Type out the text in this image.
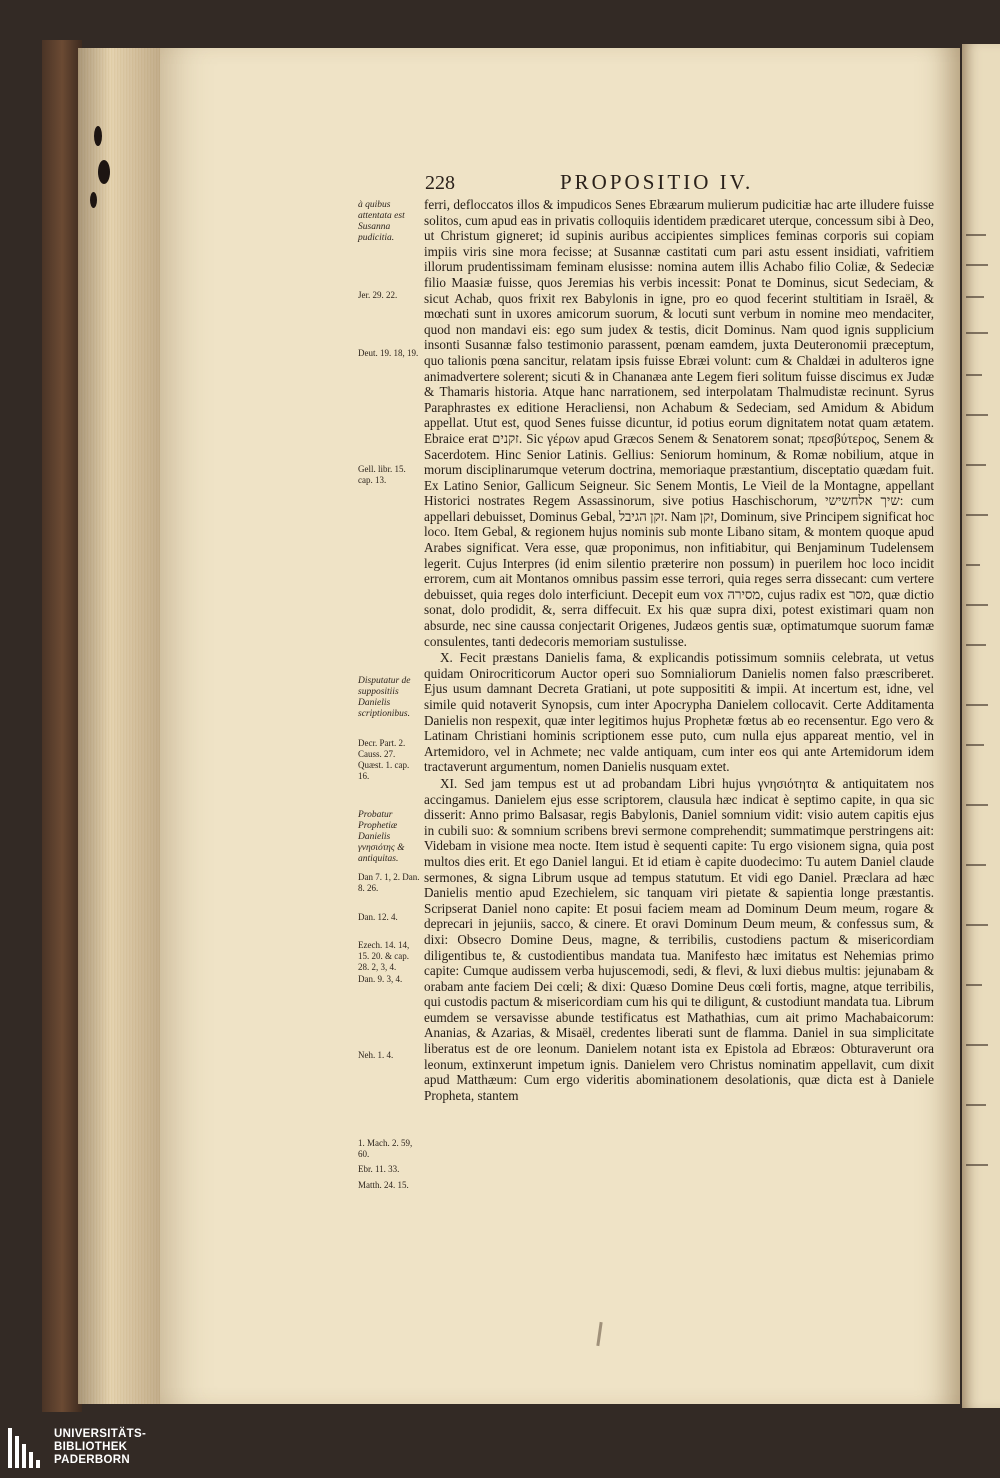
228	PROPOSITIO IV.
à quibus attentata est Susanna pudicitia.
Jer. 29. 22.
Deut. 19. 18, 19.
Gell. libr. 15. cap. 13.
Disputatur de suppositiis Danielis scriptionibus.
Decr. Part. 2. Causs. 27. Quæst. 1. cap. 16.
Probatur Prophetiæ Danielis γνησιότης & antiquitas.
Dan 7. 1, 2. Dan. 8. 26.
Dan. 12. 4.
Ezech. 14. 14, 15. 20. & cap. 28. 2, 3, 4.
Dan. 9. 3, 4.
Neh. 1. 4.
1. Mach. 2. 59, 60.
Ebr. 11. 33.
Matth. 24. 15.

ferri, defloccatos illos & impudicos Senes Ebræarum mulierum pudicitiæ hac arte illudere fuisse solitos, cum apud eas in privatis colloquiis identidem prædicaret uterque, concessum sibi à Deo, ut Christum gigneret; id supinis auribus accipientes simplices feminas corporis sui copiam impiis viris sine mora fecisse; at Susannæ castitati cum pari astu essent insidiati, vafritiem illorum prudentissimam feminam elusisse: nomina autem illis Achabo filio Coliæ, & Sedeciæ filio Maasiæ fuisse, quos Jeremias his verbis incessit: Ponat te Dominus, sicut Sedeciam, & sicut Achab, quos frixit rex Babylonis in igne, pro eo quod fecerint stultitiam in Israël, & mœchati sunt in uxores amicorum suorum, & locuti sunt verbum in nomine meo mendaciter, quod non mandavi eis: ego sum judex & testis, dicit Dominus. Nam quod ignis supplicium insonti Susannæ falso testimonio parassent, pœnam eamdem, juxta Deuteronomii præceptum, quo talionis pœna sancitur, relatam ipsis fuisse Ebræi volunt: cum & Chaldæi in adulteros igne animadvertere solerent; sicuti & in Chananæa ante Legem fieri solitum fuisse discimus ex Judæ & Thamaris historia. Atque hanc narrationem, sed interpolatam Thalmudistæ recinunt. Syrus Paraphrastes ex editione Heracliensi, non Achabum & Sedeciam, sed Amidum & Abidum appellat. Utut est, quod Senes fuisse dicuntur, id potius eorum dignitatem notat quam ætatem. Ebraice erat זקנים. Sic γέρων apud Græcos Senem & Senatorem sonat; πρεσβύτερος, Senem & Sacerdotem. Hinc Senior Latinis. Gellius: Seniorum hominum, & Romæ nobilium, atque in morum disciplinarumque veterum doctrina, memoriaque præstantium, disceptatio quædam fuit. Ex Latino Senior, Gallicum Seigneur. Sic Senem Montis, Le Vieil de la Montagne, appellant Historici nostrates Regem Assassinorum, sive potius Haschischorum, שיך אלחשישי: cum appellari debuisset, Dominus Gebal, זקן הגיבל. Nam זקן, Dominum, sive Principem significat hoc loco. Item Gebal, & regionem hujus nominis sub monte Libano sitam, & montem quoque apud Arabes significat. Vera esse, quæ proponimus, non infitiabitur, qui Benjaminum Tudelensem legerit. Cujus Interpres (id enim silentio præterire non possum) in puerilem hoc loco incidit errorem, cum ait Montanos omnibus passim esse terrori, quia reges serra dissecant: cum vertere debuisset, quia reges dolo interficiunt. Decepit eum vox מסירה, cujus radix est מסר, quæ dictio sonat, dolo prodidit, &, serra diffecuit. Ex his quæ supra dixi, potest existimari quam non absurde, nec sine caussa conjectarit Origenes, Judæos gentis suæ, optimatumque suorum famæ consulentes, tanti dedecoris memoriam sustulisse.

X. Fecit præstans Danielis fama, & explicandis potissimum somniis celebrata, ut vetus quidam Onirocriticorum Auctor operi suo Somnialiorum Danielis nomen falso præscriberet. Ejus usum damnant Decreta Gratiani, ut pote supposititi & impii. At incertum est, idne, vel simile quid notaverit Synopsis, cum inter Apocrypha Danielem collocavit. Certe Additamenta Danielis non respexit, quæ inter legitimos hujus Prophetæ fœtus ab eo recensentur. Ego vero & Latinam Christiani hominis scriptionem esse puto, cum nulla ejus appareat mentio, vel in Artemidoro, vel in Achmete; nec valde antiquam, cum inter eos qui ante Artemidorum idem tractaverunt argumentum, nomen Danielis nusquam extet.

XI. Sed jam tempus est ut ad probandam Libri hujus γνησιότητα & antiquitatem nos accingamus. Danielem ejus esse scriptorem, clausula hæc indicat è septimo capite, in qua sic disserit: Anno primo Balsasar, regis Babylonis, Daniel somnium vidit: visio autem capitis ejus in cubili suo: & somnium scribens brevi sermone comprehendit; summatimque perstringens ait: Videbam in visione mea nocte. Item istud è sequenti capite: Tu ergo visionem signa, quia post multos dies erit. Et ego Daniel langui. Et id etiam è capite duodecimo: Tu autem Daniel claude sermones, & signa Librum usque ad tempus statutum. Et vidi ego Daniel. Præclara ad hæc Danielis mentio apud Ezechielem, sic tanquam viri pietate & sapientia longe præstantis. Scripserat Daniel nono capite: Et posui faciem meam ad Dominum Deum meum, rogare & deprecari in jejuniis, sacco, & cinere. Et oravi Dominum Deum meum, & confessus sum, & dixi: Obsecro Domine Deus, magne, & terribilis, custodiens pactum & misericordiam diligentibus te, & custodientibus mandata tua. Manifesto hæc imitatus est Nehemias primo capite: Cumque audissem verba hujuscemodi, sedi, & flevi, & luxi diebus multis: jejunabam & orabam ante faciem Dei cœli; & dixi: Quæso Domine Deus cœli fortis, magne, atque terribilis, qui custodis pactum & misericordiam cum his qui te diligunt, & custodiunt mandata tua. Librum eumdem se versavisse abunde testificatus est Mathathias, cum ait primo Machabaicorum: Ananias, & Azarias, & Misaël, credentes liberati sunt de flamma. Daniel in sua simplicitate liberatus est de ore leonum. Danielem notant ista ex Epistola ad Ebræos: Obturaverunt ora leonum, extinxerunt impetum ignis. Danielem vero Christus nominatim appellavit, cum dixit apud Matthæum: Cum ergo videritis abominationem desolationis, quæ dicta est à Daniele Propheta, stantem

UNIVERSITÄTS-
BIBLIOTHEK
PADERBORN
